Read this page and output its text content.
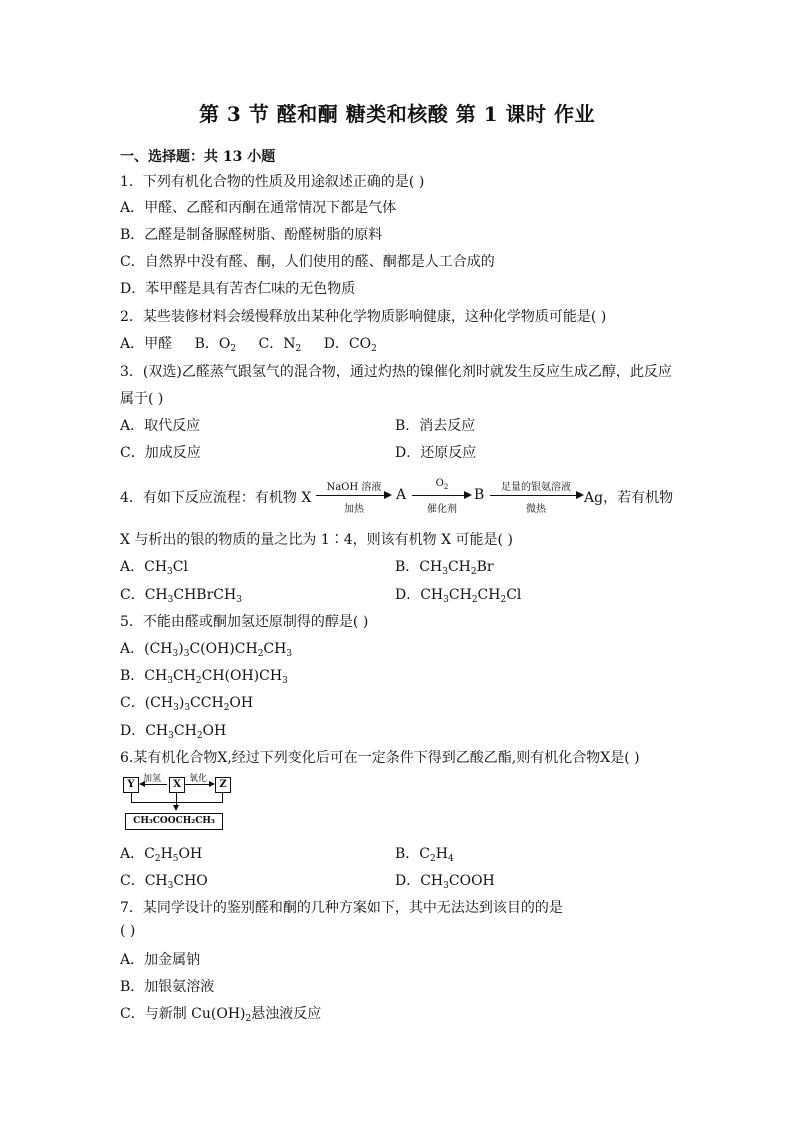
第 3 节 醛和酮 糖类和核酸 第 1 课时 作业
一、选择题：共 13 小题
1．下列有机化合物的性质及用途叙述正确的是( )
A．甲醛、乙醛和丙酮在通常情况下都是气体
B．乙醛是制备脲醛树脂、酚醛树脂的原料
C．自然界中没有醛、酮，人们使用的醛、酮都是人工合成的
D．苯甲醛是具有苦杏仁味的无色物质
2．某些装修材料会缓慢释放出某种化学物质影响健康，这种化学物质可能是( )
A．甲醛 B．$O_2$ C．$N_2$ D．$CO_2$
3．(双选)乙醛蒸气跟氢气的混合物，通过灼热的镍催化剂时就发生反应生成乙醇，此反应
属于( )
A．取代反应	B．消去反应
C．加成反应	D．还原反应
4．有如下反应流程：有机物 X
NaOH 溶液
加热
A
$O_2$
催化剂
B	足量的银氨溶液
微热
Ag，若有机物
X 与析出的银的物质的量之比为 1∶4，则该有机物 X 可能是( )
A．$CH_3Cl$	B．$CH_3CH_2Br$
C．$CH_3CHBrCH_3$	D．$CH_3CH_2CH_2Cl$
5．不能由醛或酮加氢还原制得的醇是( )
A．$(CH_3)_3C(OH)CH_2CH_3$
B．$CH_3CH_2CH(OH)CH_3$
C．$(CH_3)_3CCH_2OH$
D．$CH_3CH_2OH$
6.某有机化合物X,经过下列变化后可在一定条件下得到乙酸乙酯,则有机化合物X是( )
Y	X	Z
加氢	氧化
CH₃COOCH₂CH₃
A．$C_2H_5OH$	B．$C_2H_4$
C．$CH_3CHO$	D．$CH_3COOH$
7．某同学设计的鉴别醛和酮的几种方案如下，其中无法达到该目的的是
( )
A．加金属钠
B．加银氨溶液
C．与新制 $Cu(OH)_2$悬浊液反应
